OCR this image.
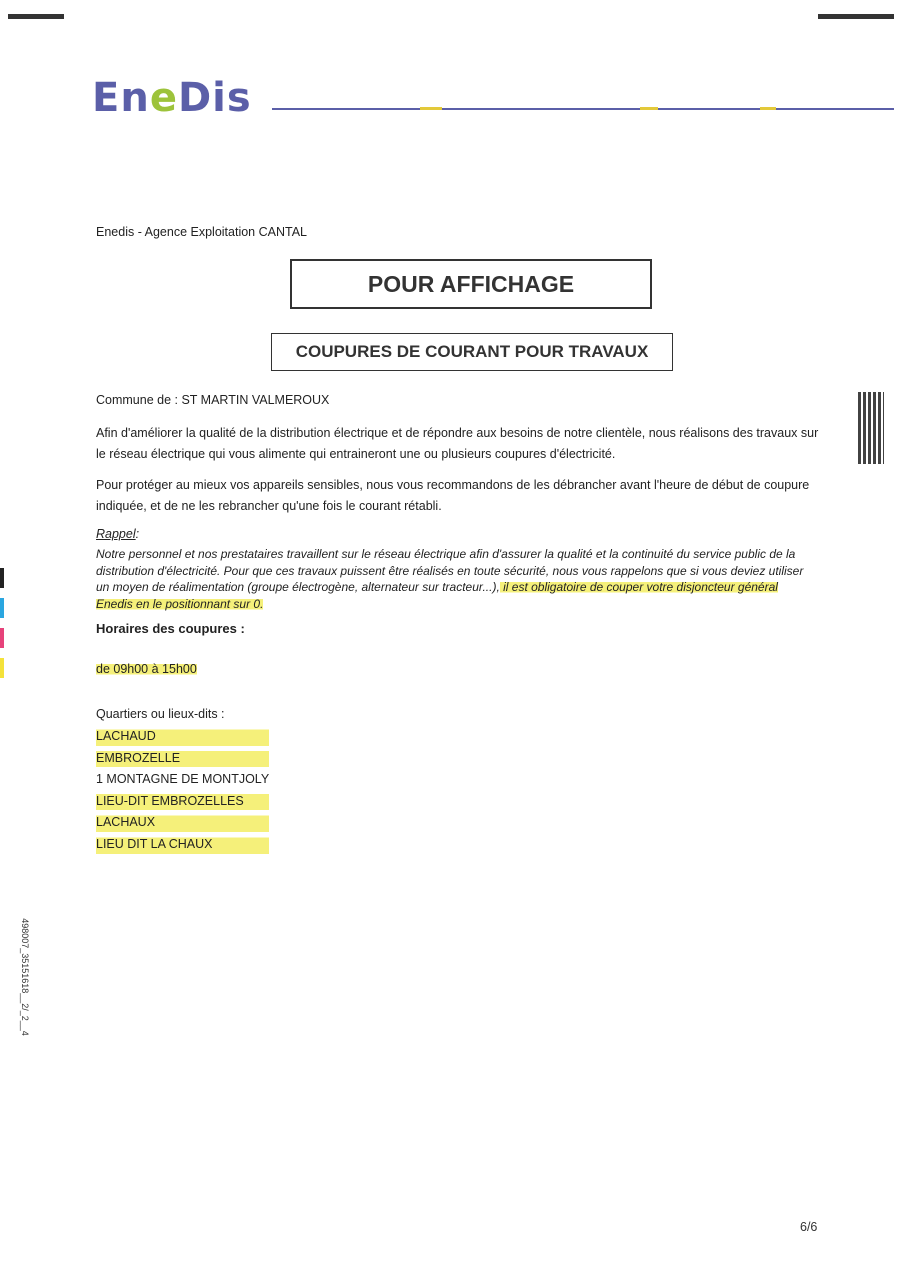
EneDis
Enedis - Agence Exploitation CANTAL
POUR AFFICHAGE
COUPURES DE COURANT POUR TRAVAUX
Commune de : ST MARTIN VALMEROUX
Afin d'améliorer la qualité de la distribution électrique et de répondre aux besoins de notre clientèle, nous réalisons des travaux sur le réseau électrique qui vous alimente qui entraineront une ou plusieurs coupures d'électricité.
Pour protéger au mieux vos appareils sensibles, nous vous recommandons de les débrancher avant l'heure de début de coupure indiquée, et de ne les rebrancher qu'une fois le courant rétabli.
Rappel:
Notre personnel et nos prestataires travaillent sur le réseau électrique afin d'assurer la qualité et la continuité du service public de la distribution d'électricité. Pour que ces travaux puissent être réalisés en toute sécurité, nous vous rappelons que si vous deviez utiliser un moyen de réalimentation (groupe électrogène, alternateur sur tracteur...), il est obligatoire de couper votre disjoncteur général Enedis en le positionnant sur 0.
Horaires des coupures :
de 09h00 à 15h00
Quartiers ou lieux-dits :
LACHAUD
EMBROZELLE
1 MONTAGNE DE MONTJOLY
LIEU-DIT EMBROZELLES
LACHAUX
LIEU DIT LA CHAUX
498007_35151618__2/_2__4
6/6
